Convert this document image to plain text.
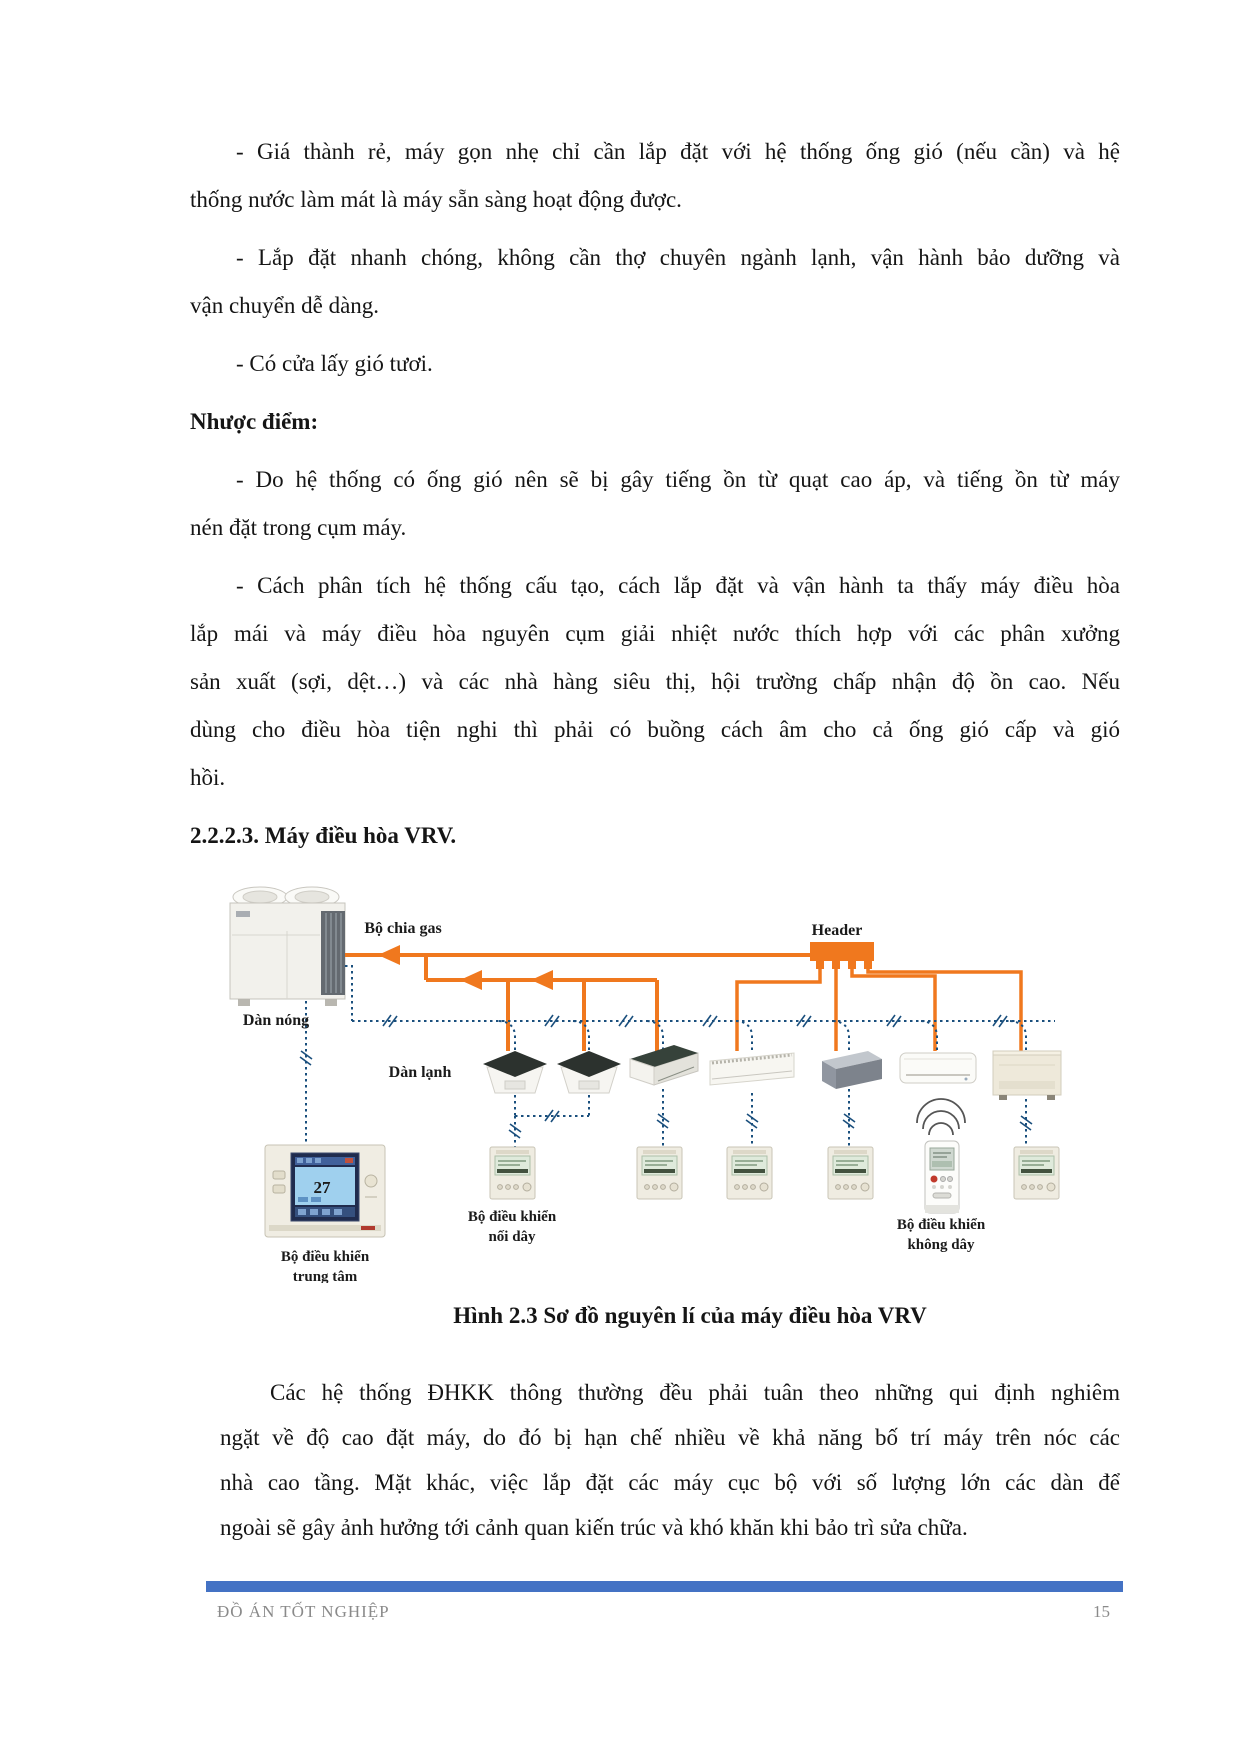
- Giá thành rẻ, máy gọn nhẹ chỉ cần lắp đặt với hệ thống ống gió (nếu cần) và hệ
thống nước làm mát là máy sẵn sàng hoạt động được.
- Lắp đặt nhanh chóng, không cần thợ chuyên ngành lạnh, vận hành bảo dưỡng và
vận chuyển dễ dàng.
- Có cửa lấy gió tươi.
Nhược điểm:
- Do hệ thống có ống gió nên sẽ bị gây tiếng ồn từ quạt cao áp, và tiếng ồn từ máy
nén đặt trong cụm máy.
- Cách phân tích hệ thống cấu tạo, cách lắp đặt và vận hành ta thấy máy điều hòa
lắp mái và máy điều hòa nguyên cụm giải nhiệt nước thích hợp với các phân xưởng
sản xuất (sợi, dệt…) và các nhà hàng siêu thị, hội trường chấp nhận độ ồn cao. Nếu
dùng cho điều hòa tiện nghi thì phải có buồng cách âm cho cả ống gió cấp và gió
hồi.
2.2.2.3. Máy điều hòa VRV.
27
Bộ chia gas	Header
Dàn nóng
Dàn lạnh
Bộ điều khiển
trung tâm
Bộ điều khiển
nối dây
Bộ điều khiển
không dây
Hình 2.3 Sơ đồ nguyên lí của máy điều hòa VRV
Các hệ thống ĐHKK thông thường đều phải tuân theo những qui định nghiêm
ngặt về độ cao đặt máy, do đó bị hạn chế nhiều về khả năng bố trí máy trên nóc các
nhà cao tầng. Mặt khác, việc lắp đặt các máy cục bộ với số lượng lớn các dàn để
ngoài sẽ gây ảnh hưởng tới cảnh quan kiến trúc và khó khăn khi bảo trì sửa chữa.
ĐỒ ÁN TỐT NGHIỆP	15
